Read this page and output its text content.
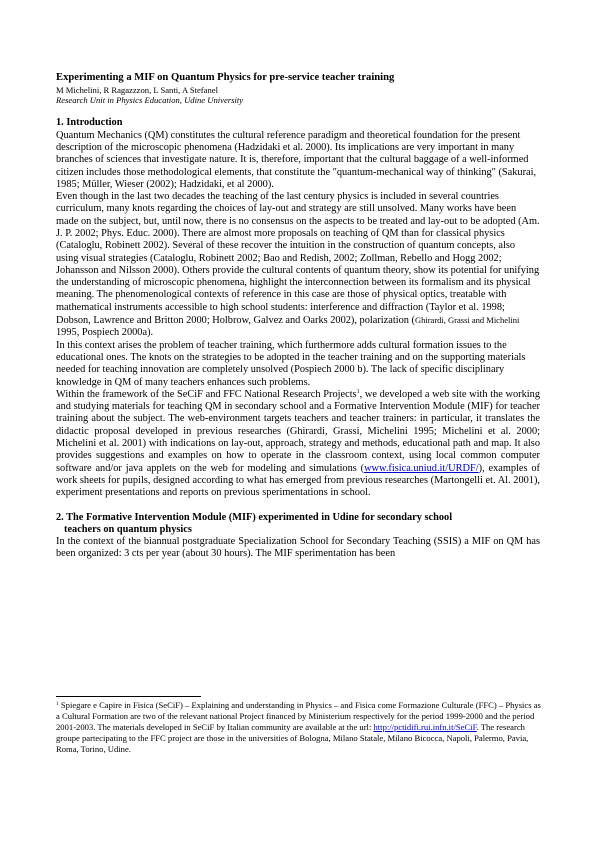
Experimenting a MIF on Quantum Physics for pre-service teacher training
M Michelini, R Ragazzzon, L Santi, A Stefanel
Research Unit in Physics Education, Udine University
1. Introduction

Quantum Mechanics (QM) constitutes the cultural reference paradigm and theoretical foundation for the present description of the microscopic phenomena (Hadzidaki et al. 2000). Its implications are very important in many branches of sciences that investigate nature. It is, therefore, important that the cultural baggage of a well-informed citizen includes those methodological elements, that constitute the "quantum-mechanical way of thinking" (Sakurai, 1985; Müller, Wieser (2002); Hadzidaki, et al 2000).

Even though in the last two decades the teaching of the last century physics is included in several countries curriculum, many knots regarding the choices of lay-out and strategy are still unsolved. Many works have been made on the subject, but, until now, there is no consensus on the aspects to be treated and lay-out to be adopted (Am. J. P. 2002; Phys. Educ. 2000). There are almost more proposals on teaching of QM than for classical physics (Cataloglu, Robinett 2002). Several of these recover the intuition in the construction of quantum concepts, also using visual strategies (Cataloglu, Robinett 2002; Bao and Redish, 2002; Zollman, Rebello and Hogg 2002; Johansson and Nilsson 2000). Others provide the cultural contents of quantum theory, show its potential for unifying the understanding of microscopic phenomena, highlight the interconnection between its formalism and its physical meaning. The phenomenological contexts of reference in this case are those of physical optics, treatable with mathematical instruments accessible to high school students: interference and diffraction (Taylor et al. 1998; Dobson, Lawrence and Britton 2000; Holbrow, Galvez and Oarks 2002), polarization (Ghirardi, Grassi and Michelini 1995, Pospiech 2000a).

In this context arises the problem of teacher training, which furthermore adds cultural formation issues to the educational ones. The knots on the strategies to be adopted in the teacher training and on the supporting materials needed for teaching innovation are completely unsolved (Pospiech 2000 b). The lack of specific disciplinary knowledge in QM of many teachers enhances such problems.

Within the framework of the SeCiF and FFC National Research Projects$^1$, we developed a web site with the working and studying materials for teaching QM in secondary school and a Formative Intervention Module (MIF) for teacher training about the subject. The web-environment targets teachers and teacher trainers: in particular, it translates the didactic proposal developed in previous researches (Ghirardi, Grassi, Michelini 1995; Michelini et al. 2000; Michelini et al. 2001) with indications on lay-out, approach, strategy and methods, educational path and map. It also provides suggestions and examples on how to operate in the classroom context, using local common computer software and/or java applets on the web for modeling and simulations (www.fisica.uniud.it/URDF/), examples of work sheets for pupils, designed according to what has emerged from previous researches (Martongelli et. Al. 2001), experiment presentations and reports on previous sperimentations in school.

2. The Formative Intervention Module (MIF) experimented in Udine for secondary school
teachers on quantum physics

In the context of the biannual postgraduate Specialization School for Secondary Teaching (SSIS) a MIF on QM has been organized: 3 cts per year (about 30 hours). The MIF sperimentation has been

$^1$ Spiegare e Capire in Fisica (SeCiF) – Explaining and understanding in Physics – and Fisica come Formazione Culturale (FFC) – Physics as a Cultural Formation are two of the relevant national Project financed by Ministerium respectively for the period 1999-2000 and the period 2001-2003. The materials developed in SeCiF by Italian community are available at the url: http://pctidifi.rui.infn.it/SeCiF. The research groupe partecipating to the FFC project are those in the universities of Bologna, Milano Statale, Milano Bicocca, Napoli, Palermo, Pavia, Roma, Torino, Udine.
